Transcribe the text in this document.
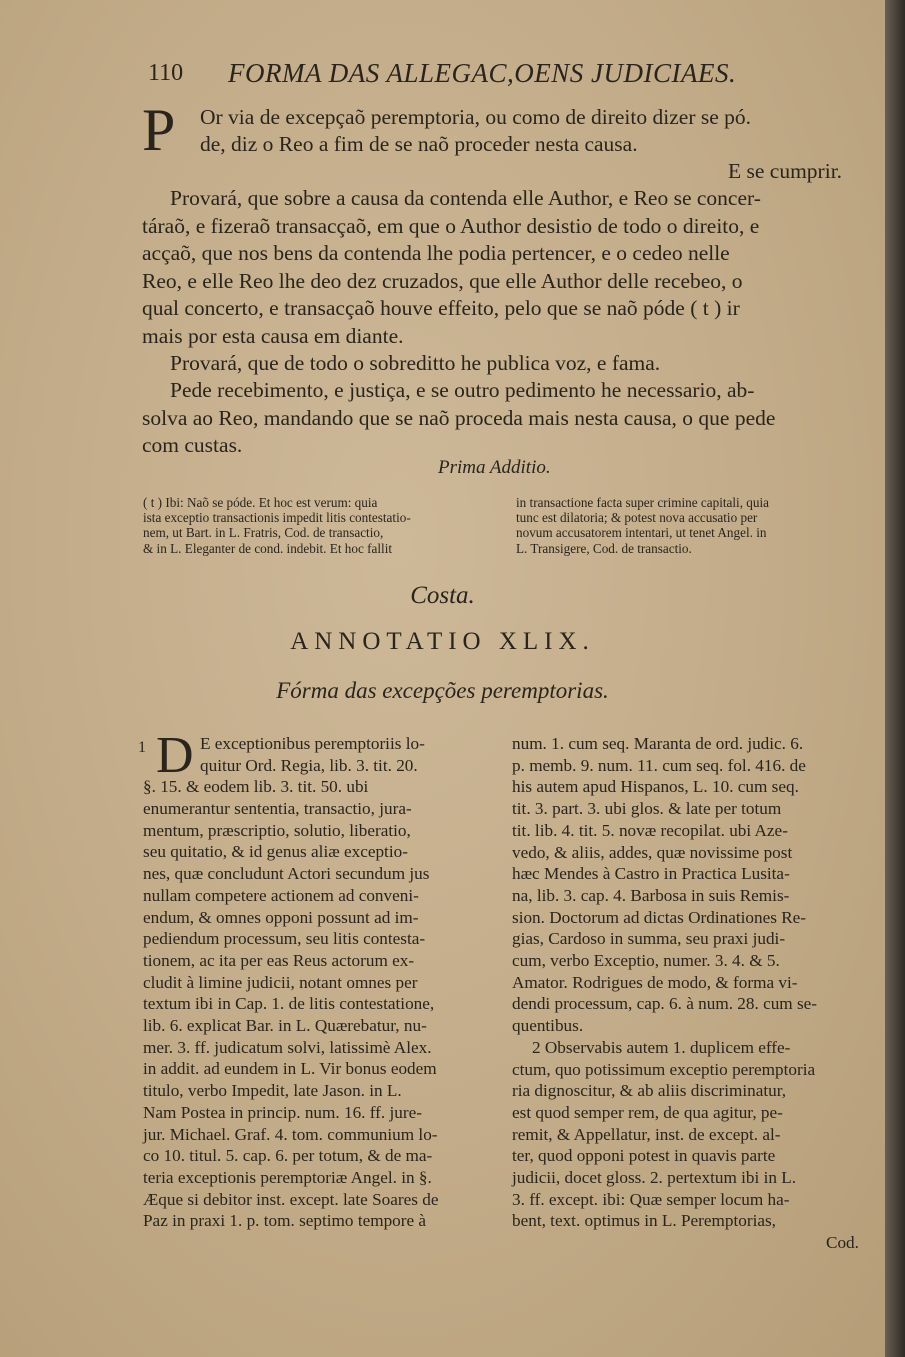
110 FORMA DAS ALLEGAC,OENS JUDICIAES.
P Or via de excepçaõ peremptoria, ou como de direito dizer se pó.
de, diz o Reo a fim de se naõ proceder nesta causa.
E se cumprir.
Provará, que sobre a causa da contenda elle Author, e Reo se concer-
táraõ, e fizeraõ transacçaõ, em que o Author desistio de todo o direito, e
acçaõ, que nos bens da contenda lhe podia pertencer, e o cedeo nelle
Reo, e elle Reo lhe deo dez cruzados, que elle Author delle recebeo, o
qual concerto, e transacçaõ houve effeito, pelo que se naõ póde ( t ) ir
mais por esta causa em diante.
Provará, que de todo o sobreditto he publica voz, e fama.
Pede recebimento, e justiça, e se outro pedimento he necessario, ab-
solva ao Reo, mandando que se naõ proceda mais nesta causa, o que pede
com custas.
Prima Additio.
( t ) Ibi: Naõ se póde. Et hoc est verum: quia
ista exceptio transactionis impedit litis contestatio-
nem, ut Bart. in L. Fratris, Cod. de transactio,
& in L. Eleganter de cond. indebit. Et hoc fallit
in transactione facta super crimine capitali, quia
tunc est dilatoria; & potest nova accusatio per
novum accusatorem intentari, ut tenet Angel. in
L. Transigere, Cod. de transactio.
Costa.
ANNOTATIO XLIX.
Fórma das excepções peremptorias.
1 D E exceptionibus peremptoriis lo-
quitur Ord. Regia, lib. 3. tit. 20.
§. 15. & eodem lib. 3. tit. 50. ubi
enumerantur sententia, transactio, jura-
mentum, præscriptio, solutio, liberatio,
seu quitatio, & id genus aliæ exceptio-
nes, quæ concludunt Actori secundum jus
nullam competere actionem ad conveni-
endum, & omnes opponi possunt ad im-
pediendum processum, seu litis contesta-
tionem, ac ita per eas Reus actorum ex-
cludit à limine judicii, notant omnes per
textum ibi in Cap. 1. de litis contestatione,
lib. 6. explicat Bar. in L. Quærebatur, nu-
mer. 3. ff. judicatum solvi, latissimè Alex.
in addit. ad eundem in L. Vir bonus eodem
titulo, verbo Impedit, late Jason. in L.
Nam Postea in princip. num. 16. ff. jure-
jur. Michael. Graf. 4. tom. communium lo-
co 10. titul. 5. cap. 6. per totum, & de ma-
teria exceptionis peremptoriæ Angel. in §.
Æque si debitor inst. except. late Soares de
Paz in praxi 1. p. tom. septimo tempore à
num. 1. cum seq. Maranta de ord. judic. 6.
p. memb. 9. num. 11. cum seq. fol. 416. de
his autem apud Hispanos, L. 10. cum seq.
tit. 3. part. 3. ubi glos. & late per totum
tit. lib. 4. tit. 5. novæ recopilat. ubi Aze-
vedo, & aliis, addes, quæ novissime post
hæc Mendes à Castro in Practica Lusita-
na, lib. 3. cap. 4. Barbosa in suis Remis-
sion. Doctorum ad dictas Ordinationes Re-
gias, Cardoso in summa, seu praxi judi-
cum, verbo Exceptio, numer. 3. 4. & 5.
Amator. Rodrigues de modo, & forma vi-
dendi processum, cap. 6. à num. 28. cum se-
quentibus.
2 Observabis autem 1. duplicem effe-
ctum, quo potissimum exceptio peremptoria
ria dignoscitur, & ab aliis discriminatur,
est quod semper rem, de qua agitur, pe-
remit, & Appellatur, inst. de except. al-
ter, quod opponi potest in quavis parte
judicii, docet gloss. 2. pertextum ibi in L.
3. ff. except. ibi: Quæ semper locum ha-
bent, text. optimus in L. Peremptorias,
Cod.
